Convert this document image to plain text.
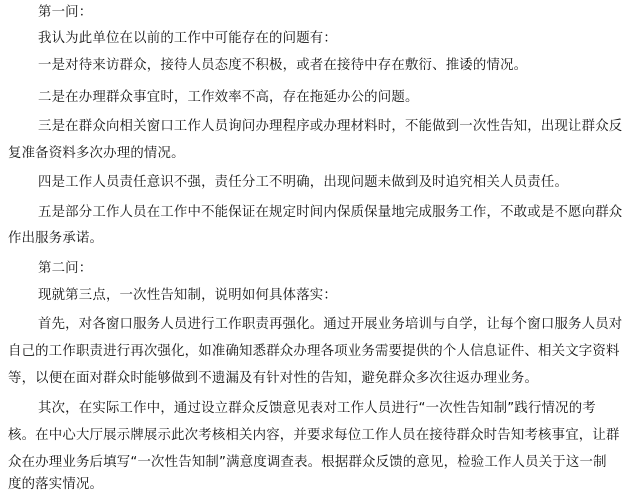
第一问：
我认为此单位在以前的工作中可能存在的问题有：
一是对待来访群众，接待人员态度不积极，或者在接待中存在敷衍、推诿的情况。
二是在办理群众事宜时，工作效率不高，存在拖延办公的问题。
三是在群众向相关窗口工作人员询问办理程序或办理材料时，不能做到一次性告知，出现让群众反
复准备资料多次办理的情况。
四是工作人员责任意识不强，责任分工不明确，出现问题未做到及时追究相关人员责任。
五是部分工作人员在工作中不能保证在规定时间内保质保量地完成服务工作，不敢或是不愿向群众
作出服务承诺。
第二问：
现就第三点，一次性告知制，说明如何具体落实：
首先，对各窗口服务人员进行工作职责再强化。通过开展业务培训与自学，让每个窗口服务人员对
自己的工作职责进行再次强化，如准确知悉群众办理各项业务需要提供的个人信息证件、相关文字资料
等，以便在面对群众时能够做到不遗漏及有针对性的告知，避免群众多次往返办理业务。
其次，在实际工作中，通过设立群众反馈意见表对工作人员进行“一次性告知制”践行情况的考
核。在中心大厅展示牌展示此次考核相关内容，并要求每位工作人员在接待群众时告知考核事宜，让群
众在办理业务后填写“一次性告知制”满意度调查表。根据群众反馈的意见，检验工作人员关于这一制
度的落实情况。
